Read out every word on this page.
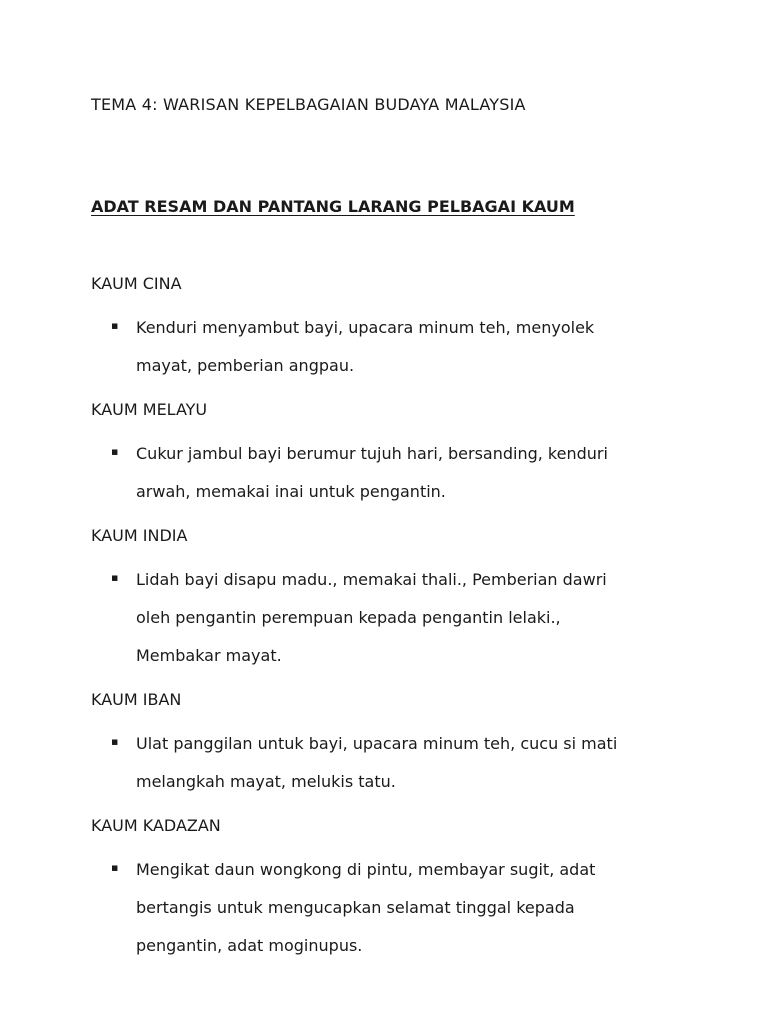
TEMA 4: WARISAN KEPELBAGAIAN BUDAYA MALAYSIA
ADAT RESAM DAN PANTANG LARANG PELBAGAI KAUM
KAUM CINA
▪ Kenduri menyambut bayi, upacara minum teh, menyolek mayat, pemberian angpau.
KAUM MELAYU
▪ Cukur jambul bayi berumur tujuh hari, bersanding, kenduri arwah, memakai inai untuk pengantin.
KAUM INDIA
▪ Lidah bayi disapu madu., memakai thali., Pemberian dawri oleh pengantin perempuan kepada pengantin lelaki., Membakar mayat.
KAUM IBAN
▪ Ulat panggilan untuk bayi, upacara minum teh, cucu si mati melangkah mayat, melukis tatu.
KAUM KADAZAN
▪ Mengikat daun wongkong di pintu, membayar sugit, adat bertangis untuk mengucapkan selamat tinggal kepada pengantin, adat moginupus.
